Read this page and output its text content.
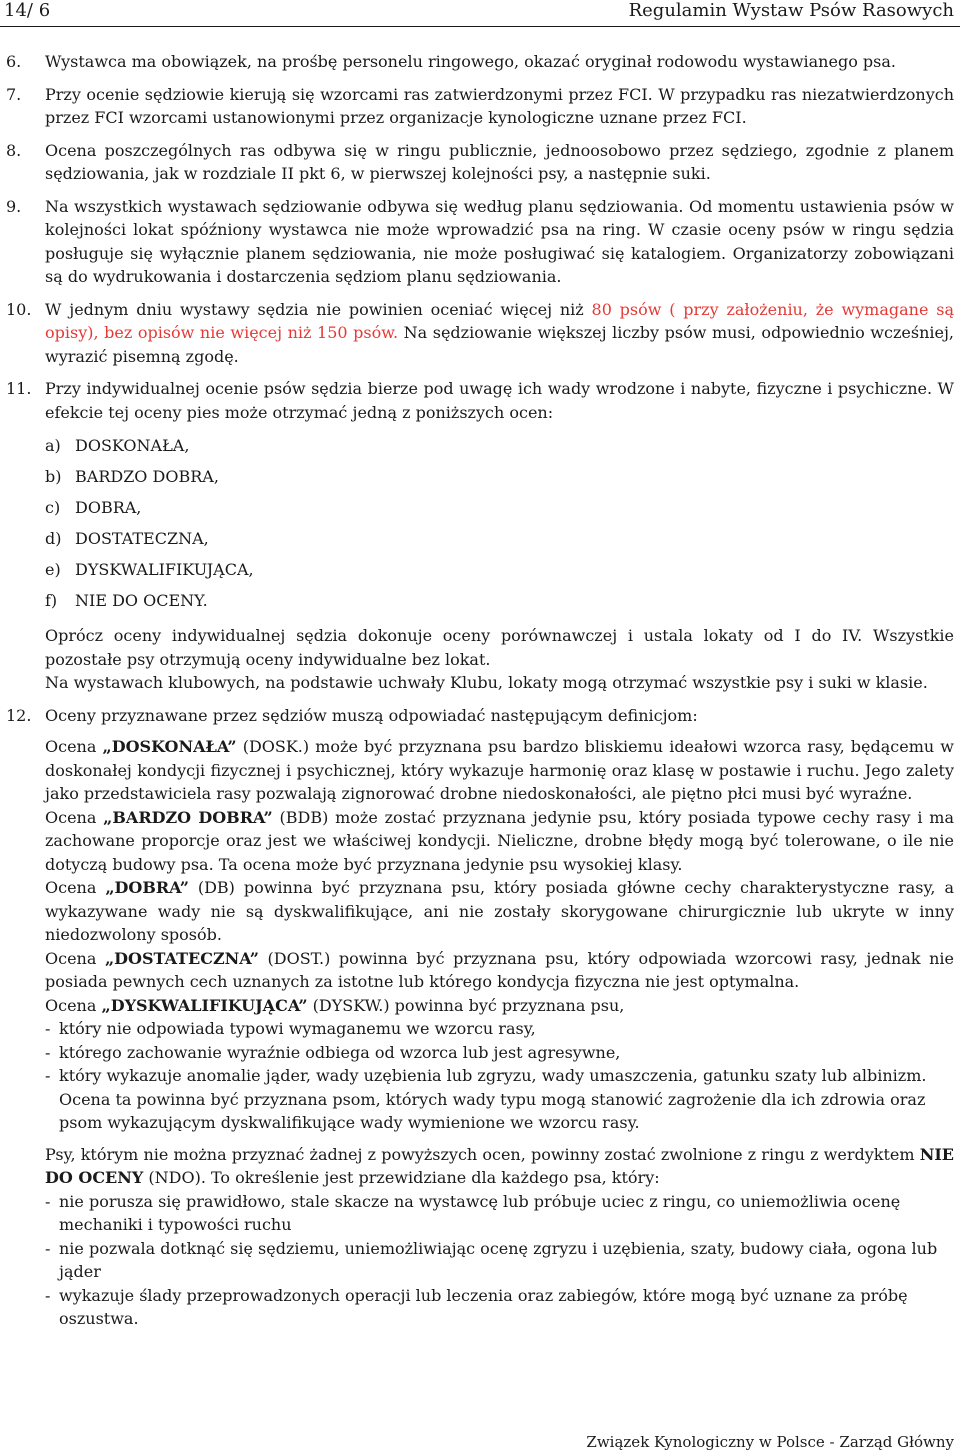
14/ 6	Regulamin Wystaw Psów Rasowych
6. Wystawca ma obowiązek, na prośbę personelu ringowego, okazać oryginał rodowodu wystawianego psa.

7. Przy ocenie sędziowie kierują się wzorcami ras zatwierdzonymi przez FCI. W przypadku ras niezatwierdzonych przez FCI wzorcami ustanowionymi przez organizacje kynologiczne uznane przez FCI.

8. Ocena poszczególnych ras odbywa się w ringu publicznie, jednoosobowo przez sędziego, zgodnie z planem sędziowania, jak w rozdziale II pkt 6, w pierwszej kolejności psy, a następnie suki.

9. Na wszystkich wystawach sędziowanie odbywa się według planu sędziowania. Od momentu ustawienia psów w kolejności lokat spóźniony wystawca nie może wprowadzić psa na ring. W czasie oceny psów w ringu sędzia posługuje się wyłącznie planem sędziowania, nie może posługiwać się katalogiem. Organizatorzy zobowiązani są do wydrukowania i dostarczenia sędziom planu sędziowania.

10. W jednym dniu wystawy sędzia nie powinien oceniać więcej niż 80 psów ( przy założeniu, że wymagane są opisy), bez opisów nie więcej niż 150 psów. Na sędziowanie większej liczby psów musi, odpowiednio wcześniej, wyrazić pisemną zgodę.

11. Przy indywidualnej ocenie psów sędzia bierze pod uwagę ich wady wrodzone i nabyte, fizyczne i psychiczne. W efekcie tej oceny pies może otrzymać jedną z poniższych ocen:

a) DOSKONAŁA,
b) BARDZO DOBRA,
c) DOBRA,
d) DOSTATECZNA,
e) DYSKWALIFIKUJĄCA,
f) NIE DO OCENY.

Oprócz oceny indywidualnej sędzia dokonuje oceny porównawczej i ustala lokaty od I do IV. Wszystkie pozostałe psy otrzymują oceny indywidualne bez lokat.

Na wystawach klubowych, na podstawie uchwały Klubu, lokaty mogą otrzymać wszystkie psy i suki w klasie.

12. Oceny przyznawane przez sędziów muszą odpowiadać następującym definicjom:

Ocena „DOSKONAŁA” (DOSK.) może być przyznana psu bardzo bliskiemu ideałowi wzorca rasy, będącemu w doskonałej kondycji fizycznej i psychicznej, który wykazuje harmonię oraz klasę w postawie i ruchu. Jego zalety jako przedstawiciela rasy pozwalają zignorować drobne niedoskonałości, ale piętno płci musi być wyraźne.

Ocena „BARDZO DOBRA” (BDB) może zostać przyznana jedynie psu, który posiada typowe cechy rasy i ma zachowane proporcje oraz jest we właściwej kondycji. Nieliczne, drobne błędy mogą być tolerowane, o ile nie dotyczą budowy psa. Ta ocena może być przyznana jedynie psu wysokiej klasy.

Ocena „DOBRA” (DB) powinna być przyznana psu, który posiada główne cechy charakterystyczne rasy, a wykazywane wady nie są dyskwalifikujące, ani nie zostały skorygowane chirurgicznie lub ukryte w inny niedozwolony sposób.

Ocena „DOSTATECZNA” (DOST.) powinna być przyznana psu, który odpowiada wzorcowi rasy, jednak nie posiada pewnych cech uznanych za istotne lub którego kondycja fizyczna nie jest optymalna.

Ocena „DYSKWALIFIKUJĄCA” (DYSKW.) powinna być przyznana psu,

- który nie odpowiada typowi wymaganemu we wzorcu rasy,
- którego zachowanie wyraźnie odbiega od wzorca lub jest agresywne,
- który wykazuje anomalie jąder, wady uzębienia lub zgryzu, wady umaszczenia, gatunku szaty lub albinizm. Ocena ta powinna być przyznana psom, których wady typu mogą stanowić zagrożenie dla ich zdrowia oraz psom wykazującym dyskwalifikujące wady wymienione we wzorcu rasy.

Psy, którym nie można przyznać żadnej z powyższych ocen, powinny zostać zwolnione z ringu z werdyktem NIE DO OCENY (NDO). To określenie jest przewidziane dla każdego psa, który:

- nie porusza się prawidłowo, stale skacze na wystawcę lub próbuje uciec z ringu, co uniemożliwia ocenę mechaniki i typowości ruchu
- nie pozwala dotknąć się sędziemu, uniemożliwiając ocenę zgryzu i uzębienia, szaty, budowy ciała, ogona lub jąder
- wykazuje ślady przeprowadzonych operacji lub leczenia oraz zabiegów, które mogą być uznane za próbę oszustwa.
Związek Kynologiczny w Polsce - Zarząd Główny
